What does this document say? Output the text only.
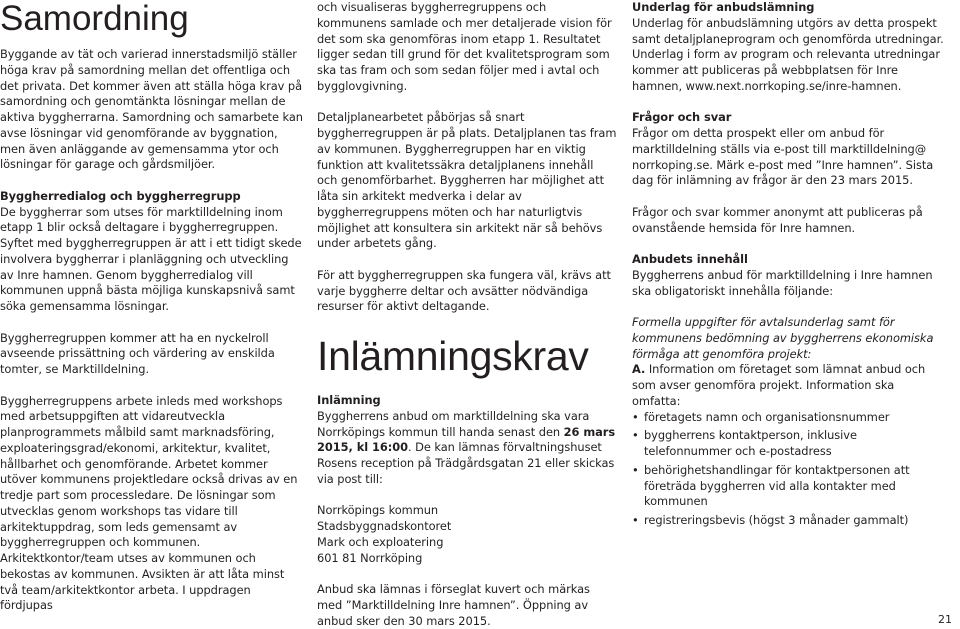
Samordning

Byggande av tät och varierad innerstadsmiljö ställer höga krav på samordning mellan det offentliga och det privata. Det kommer även att ställa höga krav på samordning och genomtänkta lösningar mellan de aktiva byggherrarna. Samordning och samarbete kan avse lösningar vid genomförande av byggnation, men även anläggande av gemensamma ytor och lösningar för garage och gårdsmiljöer.

Byggherredialog och byggherregrupp

De byggherrar som utses för marktilldelning inom etapp 1 blir också deltagare i byggherregruppen. Syftet med byggherregruppen är att i ett tidigt skede involvera byggherrar i planläggning och utveckling av Inre hamnen. Genom byggherredialog vill kommunen uppnå bästa möjliga kunskapsnivå samt söka gemensamma lösningar.

Byggherregruppen kommer att ha en nyckelroll avseende prissättning och värdering av enskilda tomter, se Marktilldelning.

Byggherregruppens arbete inleds med workshops med arbetsuppgiften att vidareutveckla planprogrammets målbild samt marknadsföring, exploateringsgrad/ekonomi, arkitektur, kvalitet, hållbarhet och genomförande. Arbetet kommer utöver kommunens projektledare också drivas av en tredje part som processledare. De lösningar som utvecklas genom workshops tas vidare till arkitektuppdrag, som leds gemensamt av byggherregruppen och kommunen. Arkitektkontor/team utses av kommunen och bekostas av kommunen. Avsikten är att låta minst två team/arkitektkontor arbeta. I uppdragen fördjupas

och visualiseras byggherregruppens och kommunens samlade och mer detaljerade vision för det som ska genomföras inom etapp 1. Resultatet ligger sedan till grund för det kvalitetsprogram som ska tas fram och som sedan följer med i avtal och bygglovgivning.

Detaljplanearbetet påbörjas så snart byggherregruppen är på plats. Detaljplanen tas fram av kommunen. Byggherregruppen har en viktig funktion att kvalitetssäkra detaljplanens innehåll och genomförbarhet. Byggherren har möjlighet att låta sin arkitekt medverka i delar av byggherregruppens möten och har naturligtvis möjlighet att konsultera sin arkitekt när så behövs under arbetets gång.

För att byggherregruppen ska fungera väl, krävs att varje byggherre deltar och avsätter nödvändiga resurser för aktivt deltagande.

Inlämningskrav

Inlämning

Byggherrens anbud om marktilldelning ska vara Norrköpings kommun till handa senast den 26 mars 2015, kl 16:00. De kan lämnas förvaltningshuset Rosens reception på Trädgårdsgatan 21 eller skickas via post till:

Norrköpings kommun

Stadsbyggnadskontoret

Mark och exploatering

601 81 Norrköping

Anbud ska lämnas i förseglat kuvert och märkas med ”Marktilldelning Inre hamnen”. Öppning av anbud sker den 30 mars 2015.

Underlag för anbudslämning

Underlag för anbudslämning utgörs av detta prospekt samt detaljplaneprogram och genomförda utredningar. Underlag i form av program och relevanta utredningar kommer att publiceras på webbplatsen för Inre hamnen, www.next.norrkoping.se/inre-hamnen.

Frågor och svar

Frågor om detta prospekt eller om anbud för marktilldelning ställs via e-post till marktilldelning@ norrkoping.se. Märk e-post med ”Inre hamnen”. Sista dag för inlämning av frågor är den 23 mars 2015.

Frågor och svar kommer anonymt att publiceras på ovanstående hemsida för Inre hamnen.

Anbudets innehåll

Byggherrens anbud för marktilldelning i Inre hamnen ska obligatoriskt innehålla följande:

Formella uppgifter för avtalsunderlag samt för kommunens bedömning av byggherrens ekonomiska förmåga att genomföra projekt:

A. Information om företaget som lämnat anbud och som avser genomföra projekt. Information ska omfatta:

• företagets namn och organisationsnummer
• byggherrens kontaktperson, inklusive telefonnummer och e-postadress
• behörighetshandlingar för kontaktpersonen att företräda byggherren vid alla kontakter med kommunen
• registreringsbevis (högst 3 månader gammalt)
21
